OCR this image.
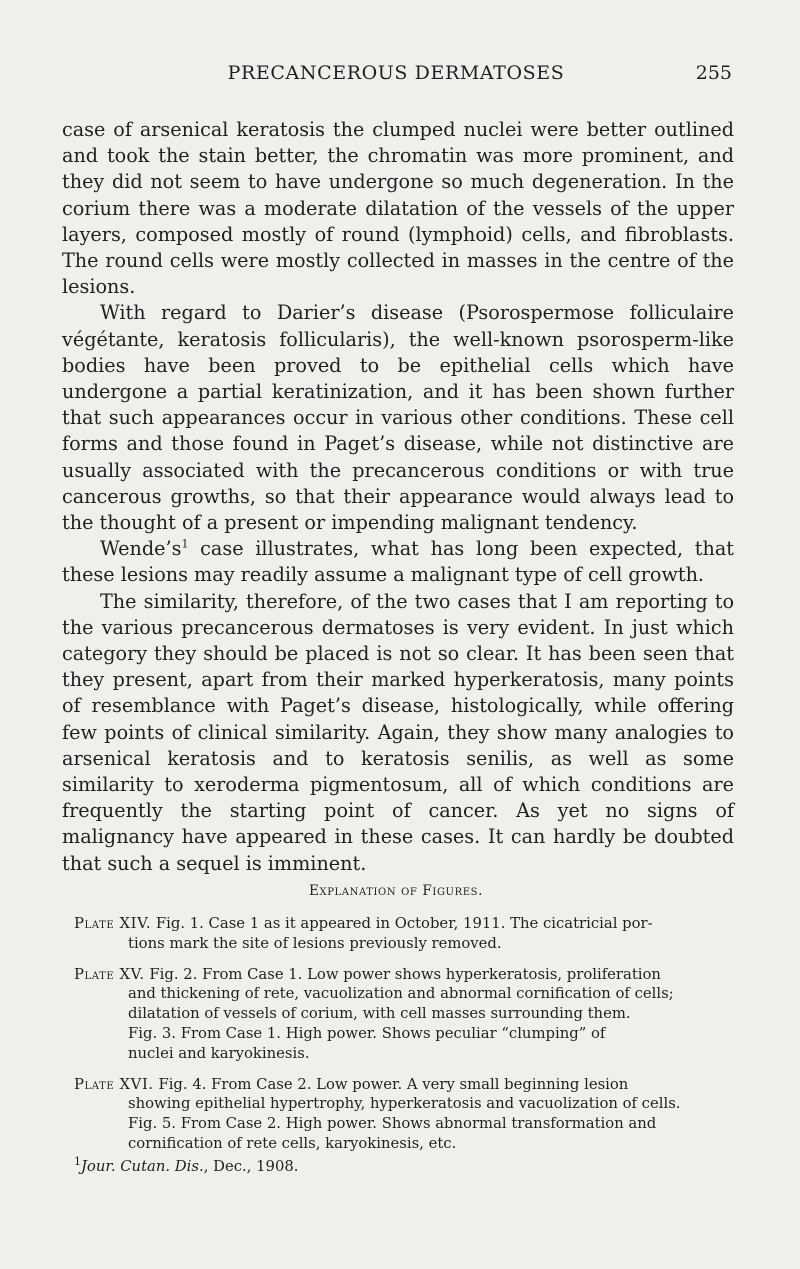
PRECANCEROUS DERMATOSES	255

case of arsenical keratosis the clumped nuclei were better outlined and took the stain better, the chromatin was more prominent, and they did not seem to have undergone so much degeneration. In the corium there was a moderate dilatation of the vessels of the upper layers, composed mostly of round (lymphoid) cells, and fibroblasts. The round cells were mostly collected in masses in the centre of the lesions.

With regard to Darier’s disease (Psorospermose folliculaire végétante, keratosis follicularis), the well-known psorosperm-like bodies have been proved to be epithelial cells which have undergone a partial keratinization, and it has been shown further that such appearances occur in various other conditions. These cell forms and those found in Paget’s disease, while not distinctive are usually associated with the precancerous conditions or with true cancerous growths, so that their appearance would always lead to the thought of a present or impending malignant tendency.

$Wende’s^1$ case illustrates, what has long been expected, that these lesions may readily assume a malignant type of cell growth.

The similarity, therefore, of the two cases that I am reporting to the various precancerous dermatoses is very evident. In just which category they should be placed is not so clear. It has been seen that they present, apart from their marked hyperkeratosis, many points of resemblance with Paget’s disease, histologically, while offering few points of clinical similarity. Again, they show many analogies to arsenical keratosis and to keratosis senilis, as well as some similarity to xeroderma pigmentosum, all of which conditions are frequently the starting point of cancer. As yet no signs of malignancy have appeared in these cases. It can hardly be doubted that such a sequel is imminent.

Explanation of Figures.
Plate XIV. Fig. 1. Case 1 as it appeared in October, 1911. The cicatricial por-
tions mark the site of lesions previously removed.
Plate XV. Fig. 2. From Case 1. Low power shows hyperkeratosis, proliferation
and thickening of rete, vacuolization and abnormal cornification of cells;
dilatation of vessels of corium, with cell masses surrounding them.
Fig. 3. From Case 1. High power. Shows peculiar “clumping” of
nuclei and karyokinesis.
Plate XVI. Fig. 4. From Case 2. Low power. A very small beginning lesion
showing epithelial hypertrophy, hyperkeratosis and vacuolization of cells.
Fig. 5. From Case 2. High power. Shows abnormal transformation and
cornification of rete cells, karyokinesis, etc.
$^1$Jour. Cutan. Dis., Dec., 1908.
